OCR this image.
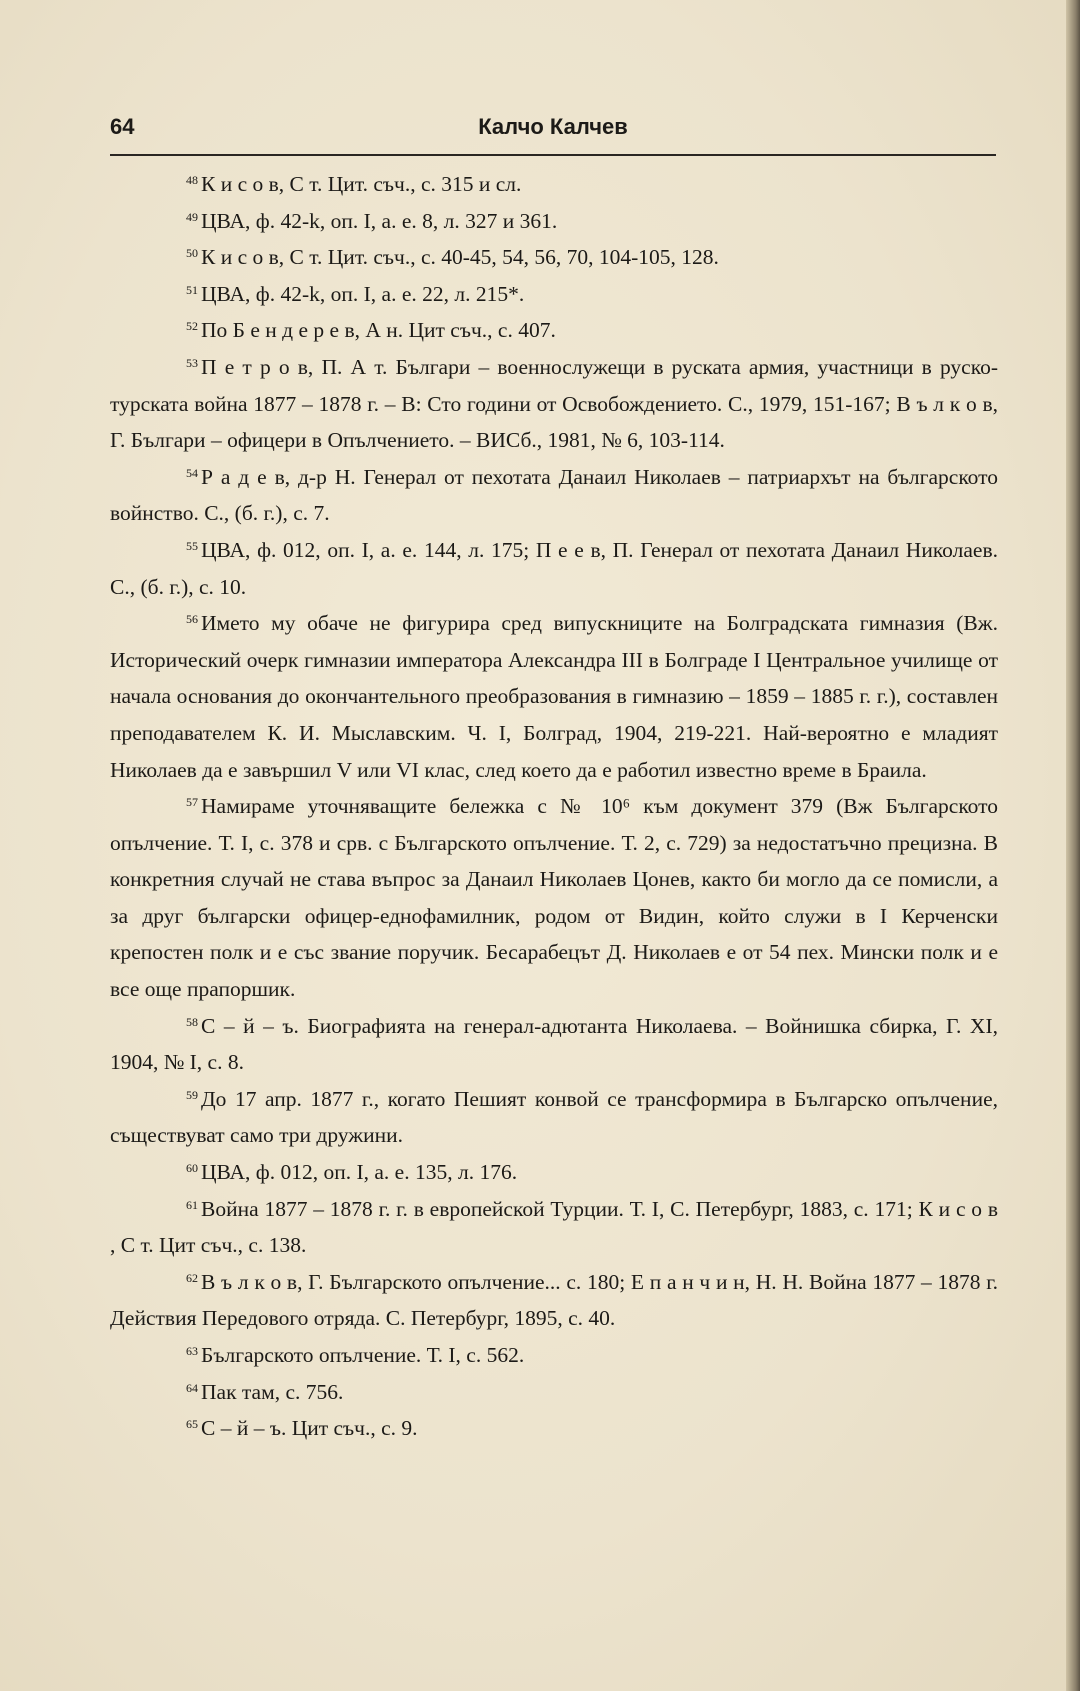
64	Калчо Калчев

$^{48}$ К и с о в, С т. Цит. съч., с. 315 и сл.

$^{49}$ ЦВА, ф. 42-k, оп. I, а. е. 8, л. 327 и 361.

$^{50}$ К и с о в, С т. Цит. съч., с. 40-45, 54, 56, 70, 104-105, 128.

$^{51}$ ЦВА, ф. 42-k, оп. I, а. е. 22, л. 215*.

$^{52}$ По Б е н д е р е в, А н. Цит съч., с. 407.

$^{53}$ П е т р о в, П. А т. Българи – военнослужещи в руската армия, участници в руско-турската война 1877 – 1878 г. – В: Сто години от Освобождението. С., 1979, 151-167; В ъ л к о в, Г. Българи – офицери в Опълчението. – ВИСб., 1981, № 6, 103-114.

$^{54}$ Р а д е в, д-р Н. Генерал от пехотата Данаил Николаев – патриархът на българското войнство. С., (б. г.), с. 7.

$^{55}$ ЦВА, ф. 012, оп. I, а. е. 144, л. 175; П е е в, П. Генерал от пехотата Данаил Николаев. С., (б. г.), с. 10.

$^{56}$ Името му обаче не фигурира сред випускниците на Болградската гимназия (Вж. Исторический очерк гимназии императора Александра III в Болграде I Центральное училище от начала основания до окончантельного преобразования в гимназию – 1859 – 1885 г. г.), составлен преподавателем К. И. Мыславским. Ч. I, Болград, 1904, 219-221. Най-вероятно е младият Николаев да е завършил V или VI клас, след което да е работил известно време в Браила.

$^{57}$ Намираме уточняващите бележка с № 10⁶ към документ 379 (Вж Българското опълчение. Т. I, с. 378 и срв. с Българското опълчение. Т. 2, с. 729) за недостатъчно прецизна. В конкретния случай не става въпрос за Данаил Николаев Цонев, както би могло да се помисли, а за друг български офицер-еднофамилник, родом от Видин, който служи в I Керченски крепостен полк и е със звание поручик. Бесарабецът Д. Николаев е от 54 пех. Мински полк и е все още прапоршик.

$^{58}$ С – й – ъ. Биографията на генерал-адютанта Николаева. – Войнишка сбирка, Г. XI, 1904, № I, с. 8.

$^{59}$ До 17 апр. 1877 г., когато Пешият конвой се трансформира в Българско опълчение, съществуват само три дружини.

$^{60}$ ЦВА, ф. 012, оп. I, а. е. 135, л. 176.

$^{61}$ Война 1877 – 1878 г. г. в европейской Турции. Т. I, С. Петербург, 1883, с. 171; К и с о в , С т. Цит съч., с. 138.

$^{62}$ В ъ л к о в, Г. Българското опълчение... с. 180; Е п а н ч и н, Н. Н. Война 1877 – 1878 г. Действия Передового отряда. С. Петербург, 1895, с. 40.

$^{63}$ Българското опълчение. Т. I, с. 562.

$^{64}$ Пак там, с. 756.

$^{65}$ С – й – ъ. Цит съч., с. 9.
